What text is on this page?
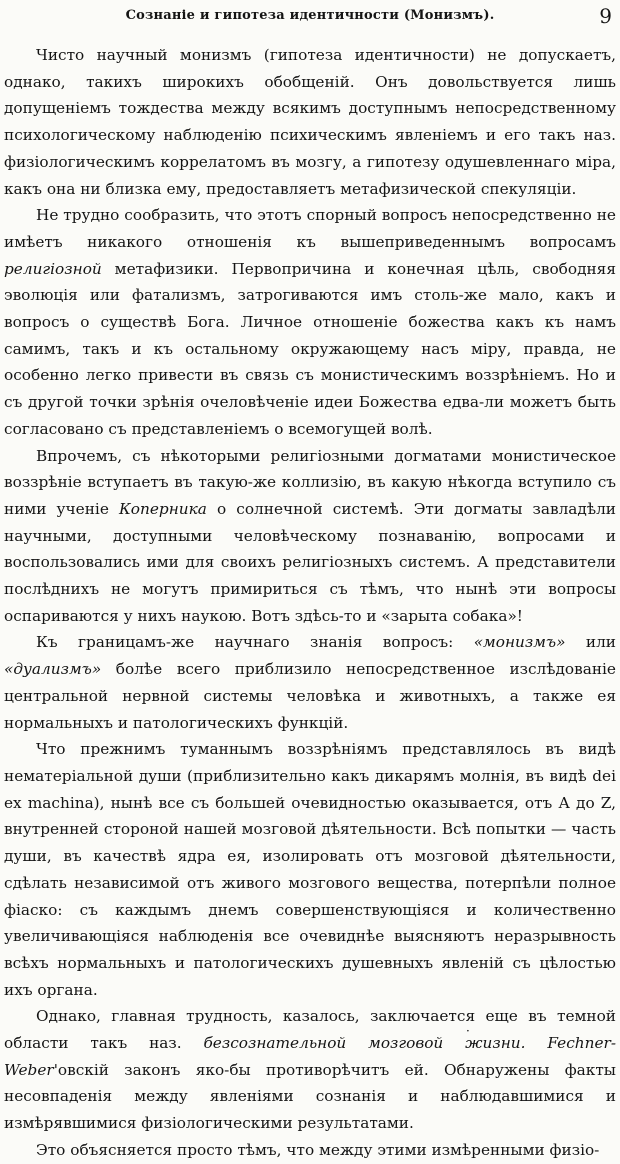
Сознаніе и гипотеза идентичности (Монизмъ).	9

Чисто научный монизмъ (гипотеза идентичности) не допускаетъ, однако, такихъ широкихъ обобщеній. Онъ довольствуется лишь допущеніемъ тождества между всякимъ доступнымъ непосредственному психологическому наблюденію психическимъ явленіемъ и его такъ наз. физіологическимъ коррелатомъ въ мозгу, а гипотезу одушевленнаго міра, какъ она ни близка ему, предоставляетъ метафизической спекуляціи.

Не трудно сообразить, что этотъ спорный вопросъ непосредственно не имѣетъ никакого отношенія къ вышеприведеннымъ вопросамъ религіозной метафизики. Первопричина и конечная цѣль, свободняя эволюція или фатализмъ, затрогиваются имъ столь-же мало, какъ и вопросъ о существѣ Бога. Личное отношеніе божества какъ къ намъ самимъ, такъ и къ остальному окружающему насъ міру, правда, не особенно легко привести въ связь съ монистическимъ воззрѣніемъ. Но и съ другой точки зрѣнія очеловѣченіе идеи Божества едва-ли можетъ быть согласовано съ представленіемъ о всемогущей волѣ.

Впрочемъ, съ нѣкоторыми религіозными догматами монистическое воззрѣніе вступаетъ въ такую-же коллизію, въ какую нѣкогда вступило съ ними ученіе Коперника о солнечной системѣ. Эти догматы завладѣли научными, доступными человѣческому познаванію, вопросами и воспользовались ими для своихъ религіозныхъ системъ. А представители послѣднихъ не могутъ примириться съ тѣмъ, что нынѣ эти вопросы оспариваются у нихъ наукою. Вотъ здѣсь-то и «зарыта собака»!

Къ границамъ-же научнаго знанія вопросъ: «монизмъ» или «дуализмъ» болѣе всего приблизило непосредственное изслѣдованіе центральной нервной системы человѣка и животныхъ, а также ея нормальныхъ и патологическихъ функцій.

Что прежнимъ туманнымъ воззрѣніямъ представлялось въ видѣ нематеріальной души (приблизительно какъ дикарямъ молнія, въ видѣ dei ex machina), нынѣ все съ большей очевидностью оказывается, отъ А до Z, внутренней стороной нашей мозговой дѣятельности. Всѣ попытки — часть души, въ качествѣ ядра ея, изолировать отъ мозговой дѣятельности, сдѣлать независимой отъ живого мозгового вещества, потерпѣли полное фіаско: съ каждымъ днемъ совершенствующіяся и количественно увеличивающіяся наблюденія все очевиднѣе выясняютъ неразрывность всѣхъ нормальныхъ и патологическихъ душевныхъ явленій съ цѣлостью ихъ органа.

Однако, главная трудность, казалось, заключается еще въ темной области такъ наз. безсознательной мозговой жизни. Fechner-Weber'овскій законъ яко-бы противорѣчитъ ей. Обнаружены факты несовпаденія между явленіями сознанія и наблюдавшимися и измѣрявшимися физіологическими результатами.

Это объясняется просто тѣмъ, что между этими измѣренными физіо-

·
